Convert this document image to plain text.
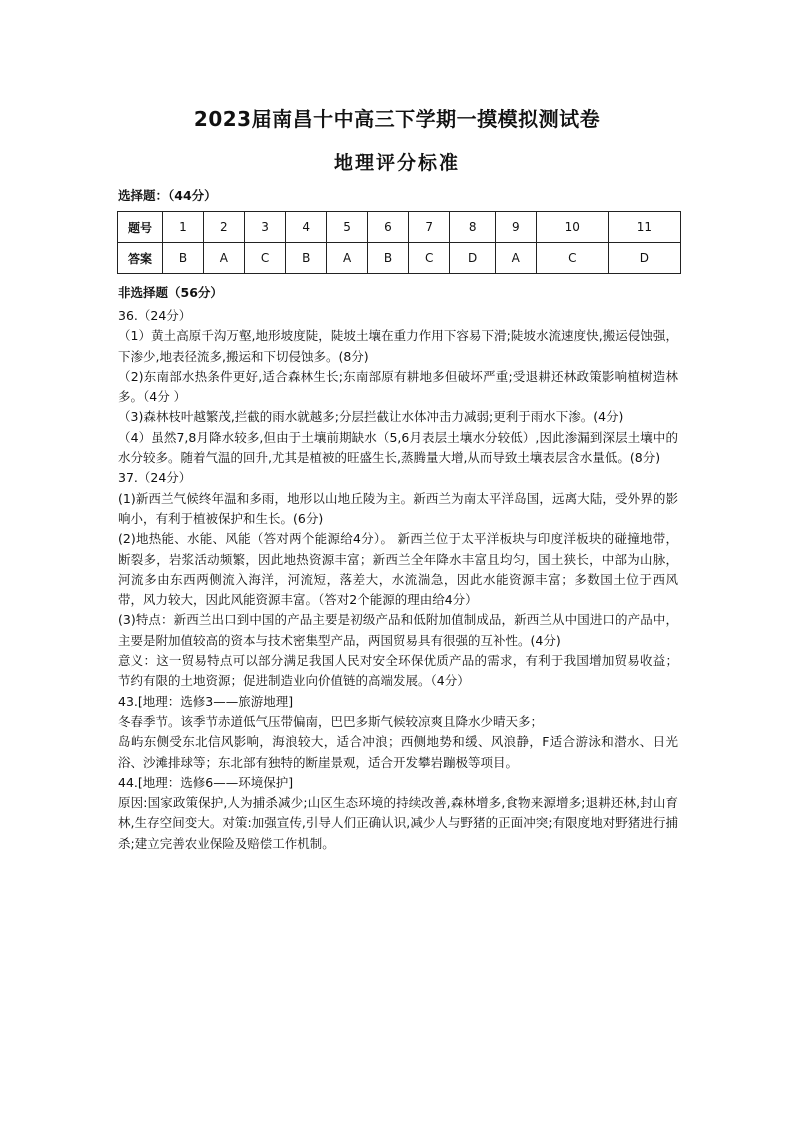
2023届南昌十中高三下学期一摸模拟测试卷
地理评分标准
选择题：（44分）
题号	1	2	3	4	5	6	7	8	9	10	11
答案	B	A	C	B	A	B	C	D	A	C	D
非选择题（56分）

36.（24分）

（1）黄土高原千沟万壑,地形坡度陡，陡坡土壤在重力作用下容易下滑;陡坡水流速度快,搬运侵蚀强，下渗少,地表径流多,搬运和下切侵蚀多。(8分)

（2)东南部水热条件更好,适合森林生长;东南部原有耕地多但破坏严重;受退耕还林政策影响植树造林多。（4分 ）

（3)森林枝叶越繁茂,拦截的雨水就越多;分层拦截让水体冲击力减弱;更利于雨水下渗。(4分)

（4）虽然7,8月降水较多,但由于土壤前期缺水（5,6月表层土壤水分较低）,因此渗漏到深层土壤中的水分较多。随着气温的回升,尤其是植被的旺盛生长,蒸腾量大增,从而导致土壤表层含水量低。(8分)

37.（24分）

(1)新西兰气候终年温和多雨，地形以山地丘陵为主。新西兰为南太平洋岛国，远离大陆，受外界的影响小，有利于植被保护和生长。(6分)

(2)地热能、水能、风能（答对两个能源给4分）。 新西兰位于太平洋板块与印度洋板块的碰撞地带，断裂多，岩浆活动频繁，因此地热资源丰富；新西兰全年降水丰富且均匀，国土狭长，中部为山脉，河流多由东西两侧流入海洋，河流短，落差大，水流湍急，因此水能资源丰富；多数国土位于西风带，风力较大，因此风能资源丰富。（答对2个能源的理由给4分）

(3)特点：新西兰出口到中国的产品主要是初级产品和低附加值制成品，新西兰从中国进口的产品中，主要是附加值较高的资本与技术密集型产品，两国贸易具有很强的互补性。(4分)

意义：这一贸易特点可以部分满足我国人民对安全环保优质产品的需求，有利于我国增加贸易收益；节约有限的土地资源；促进制造业向价值链的高端发展。（4分）

43.[地理：选修3——旅游地理]

冬春季节。该季节赤道低气压带偏南，巴巴多斯气候较凉爽且降水少晴天多；

岛屿东侧受东北信风影响，海浪较大，适合冲浪；西侧地势和缓、风浪静，F适合游泳和潜水、日光浴、沙滩排球等；东北部有独特的断崖景观，适合开发攀岩蹦极等项目。

44.[地理：选修6——环境保护]

原因:国家政策保护,人为捕杀减少;山区生态环境的持续改善,森林增多,食物来源增多;退耕还林,封山育林,生存空间变大。对策:加强宣传,引导人们正确认识,减少人与野猪的正面冲突;有限度地对野猪进行捕杀;建立完善农业保险及赔偿工作机制。
